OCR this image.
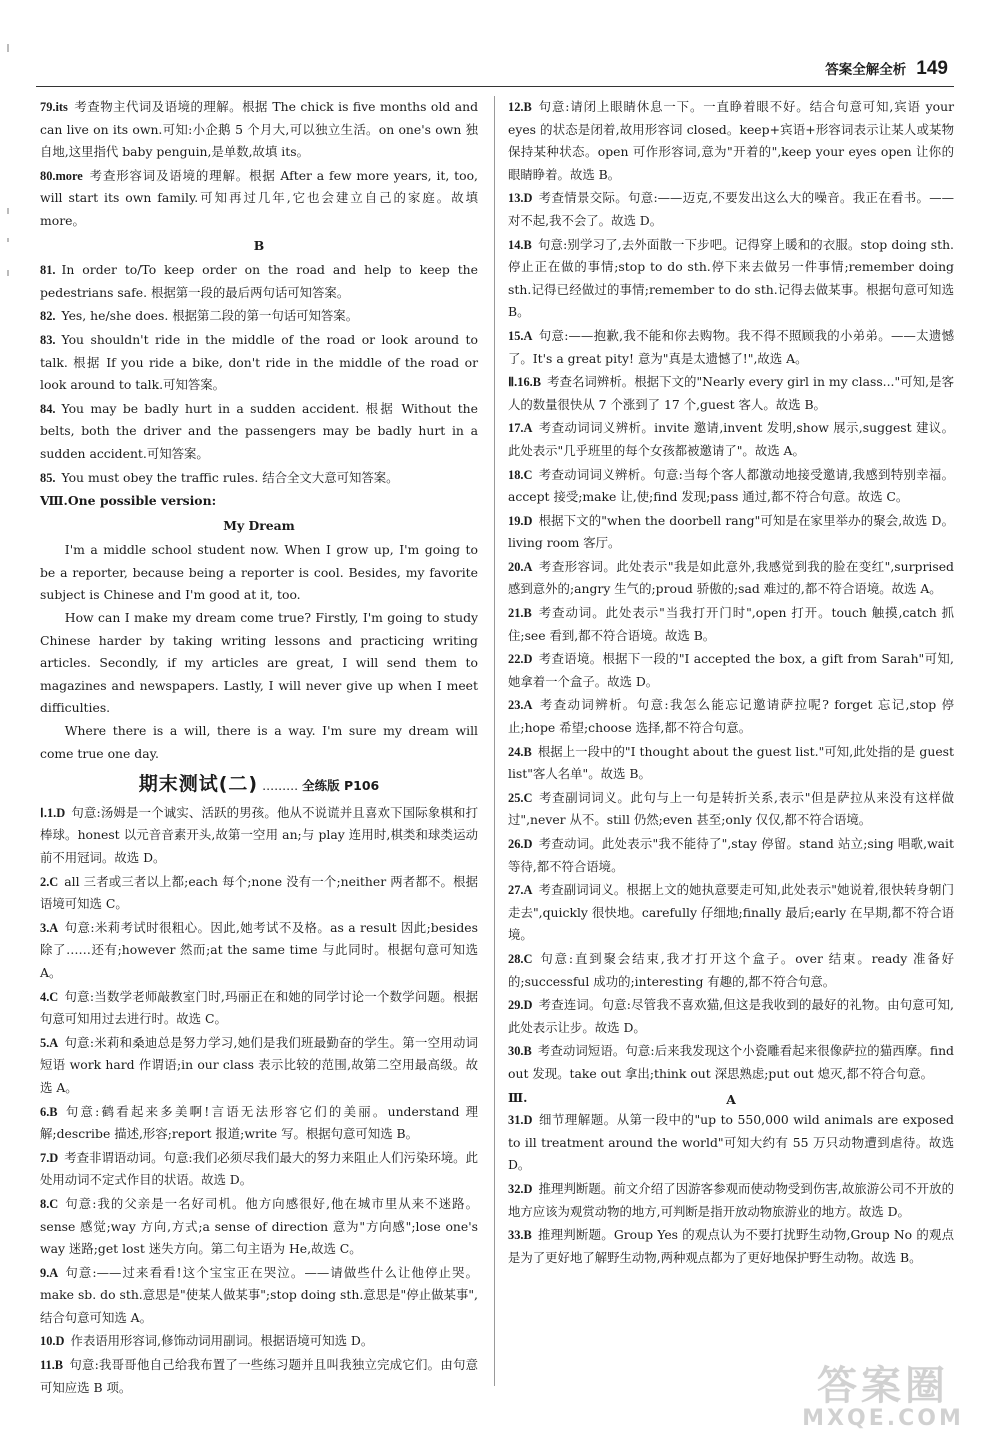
答案全解全析 149
79.its 考查物主代词及语境的理解。根据 The chick is five months old and can live on its own.可知:小企鹅 5 个月大,可以独立生活。on one's own 独自地,这里指代 baby penguin,是单数,故填 its。
80.more 考查形容词及语境的理解。根据 After a few more years, it, too, will start its own family.可知再过几年,它也会建立自己的家庭。故填 more。
B
81. In order to/To keep order on the road and help to keep the pedestrians safe. 根据第一段的最后两句话可知答案。
82. Yes, he/she does. 根据第二段的第一句话可知答案。
83. You shouldn't ride in the middle of the road or look around to talk. 根据 If you ride a bike, don't ride in the middle of the road or look around to talk.可知答案。
84. You may be badly hurt in a sudden accident. 根据 Without the belts, both the driver and the passengers may be badly hurt in a sudden accident.可知答案。
85. You must obey the traffic rules. 结合全文大意可知答案。
Ⅷ.One possible version:
My Dream

I'm a middle school student now. When I grow up, I'm going to be a reporter, because being a reporter is cool. Besides, my favorite subject is Chinese and I'm good at it, too.

How can I make my dream come true? Firstly, I'm going to study Chinese harder by taking writing lessons and practicing writing articles. Secondly, if my articles are great, I will send them to magazines and newspapers. Lastly, I will never give up when I meet difficulties.

Where there is a will, there is a way. I'm sure my dream will come true one day.

期末测试(二) ……… 全练版 P106
Ⅰ.1.D 句意:汤姆是一个诚实、活跃的男孩。他从不说谎并且喜欢下国际象棋和打棒球。honest 以元音音素开头,故第一空用 an;与 play 连用时,棋类和球类运动前不用冠词。故选 D。
2.C all 三者或三者以上都;each 每个;none 没有一个;neither 两者都不。根据语境可知选 C。
3.A 句意:米莉考试时很粗心。因此,她考试不及格。as a result 因此;besides 除了……还有;however 然而;at the same time 与此同时。根据句意可知选 A。
4.C 句意:当数学老师敲教室门时,玛丽正在和她的同学讨论一个数学问题。根据句意可知用过去进行时。故选 C。
5.A 句意:米莉和桑迪总是努力学习,她们是我们班最勤奋的学生。第一空用动词短语 work hard 作谓语;in our class 表示比较的范围,故第二空用最高级。故选 A。
6.B 句意:鹤看起来多美啊!言语无法形容它们的美丽。understand 理解;describe 描述,形容;report 报道;write 写。根据句意可知选 B。
7.D 考查非谓语动词。句意:我们必须尽我们最大的努力来阻止人们污染环境。此处用动词不定式作目的状语。故选 D。
8.C 句意:我的父亲是一名好司机。他方向感很好,他在城市里从来不迷路。sense 感觉;way 方向,方式;a sense of direction 意为"方向感";lose one's way 迷路;get lost 迷失方向。第二句主语为 He,故选 C。
9.A 句意:——过来看看!这个宝宝正在哭泣。——请做些什么让他停止哭。make sb. do sth.意思是"使某人做某事";stop doing sth.意思是"停止做某事",结合句意可知选 A。
10.D 作表语用形容词,修饰动词用副词。根据语境可知选 D。
11.B 句意:我哥哥他自己给我布置了一些练习题并且叫我独立完成它们。由句意可知应选 B 项。
12.B 句意:请闭上眼睛休息一下。一直睁着眼不好。结合句意可知,宾语 your eyes 的状态是闭着,故用形容词 closed。keep+宾语+形容词表示让某人或某物保持某种状态。open 可作形容词,意为"开着的",keep your eyes open 让你的眼睛睁着。故选 B。
13.D 考查情景交际。句意:——迈克,不要发出这么大的噪音。我正在看书。——对不起,我不会了。故选 D。
14.B 句意:别学习了,去外面散一下步吧。记得穿上暖和的衣服。stop doing sth.停止正在做的事情;stop to do sth.停下来去做另一件事情;remember doing sth.记得已经做过的事情;remember to do sth.记得去做某事。根据句意可知选 B。
15.A 句意:——抱歉,我不能和你去购物。我不得不照顾我的小弟弟。——太遗憾了。It's a great pity! 意为"真是太遗憾了!",故选 A。
Ⅱ.16.B 考查名词辨析。根据下文的"Nearly every girl in my class..."可知,是客人的数量很快从 7 个涨到了 17 个,guest 客人。故选 B。
17.A 考查动词词义辨析。invite 邀请,invent 发明,show 展示,suggest 建议。此处表示"几乎班里的每个女孩都被邀请了"。故选 A。
18.C 考查动词词义辨析。句意:当每个客人都激动地接受邀请,我感到特别幸福。accept 接受;make 让,使;find 发现;pass 通过,都不符合句意。故选 C。
19.D 根据下文的"when the doorbell rang"可知是在家里举办的聚会,故选 D。living room 客厅。
20.A 考查形容词。此处表示"我是如此意外,我感觉到我的脸在变红",surprised 感到意外的;angry 生气的;proud 骄傲的;sad 难过的,都不符合语境。故选 A。
21.B 考查动词。此处表示"当我打开门时",open 打开。touch 触摸,catch 抓住;see 看到,都不符合语境。故选 B。
22.D 考查语境。根据下一段的"I accepted the box, a gift from Sarah"可知,她拿着一个盒子。故选 D。
23.A 考查动词辨析。句意:我怎么能忘记邀请萨拉呢? forget 忘记,stop 停止;hope 希望;choose 选择,都不符合句意。
24.B 根据上一段中的"I thought about the guest list."可知,此处指的是 guest list"客人名单"。故选 B。
25.C 考查副词词义。此句与上一句是转折关系,表示"但是萨拉从来没有这样做过",never 从不。still 仍然;even 甚至;only 仅仅,都不符合语境。
26.D 考查动词。此处表示"我不能待了",stay 停留。stand 站立;sing 唱歌,wait 等待,都不符合语境。
27.A 考查副词词义。根据上文的她执意要走可知,此处表示"她说着,很快转身朝门走去",quickly 很快地。carefully 仔细地;finally 最后;early 在早期,都不符合语境。
28.C 句意:直到聚会结束,我才打开这个盒子。over 结束。ready 准备好的;successful 成功的;interesting 有趣的,都不符合句意。
29.D 考查连词。句意:尽管我不喜欢猫,但这是我收到的最好的礼物。由句意可知,此处表示让步。故选 D。
30.B 考查动词短语。句意:后来我发现这个小瓷雕看起来很像萨拉的猫西摩。find out 发现。take out 拿出;think out 深思熟虑;put out 熄灭,都不符合句意。
Ⅲ.	A
31.D 细节理解题。从第一段中的"up to 550,000 wild animals are exposed to ill treatment around the world"可知大约有 55 万只动物遭到虐待。故选 D。
32.D 推理判断题。前文介绍了因游客参观而使动物受到伤害,故旅游公司不开放的地方应该为观赏动物的地方,可判断是指开放动物旅游业的地方。故选 D。
33.B 推理判断题。Group Yes 的观点认为不要打扰野生动物,Group No 的观点是为了更好地了解野生动物,两种观点都为了更好地保护野生动物。故选 B。
答案圈
MXQE.COM
